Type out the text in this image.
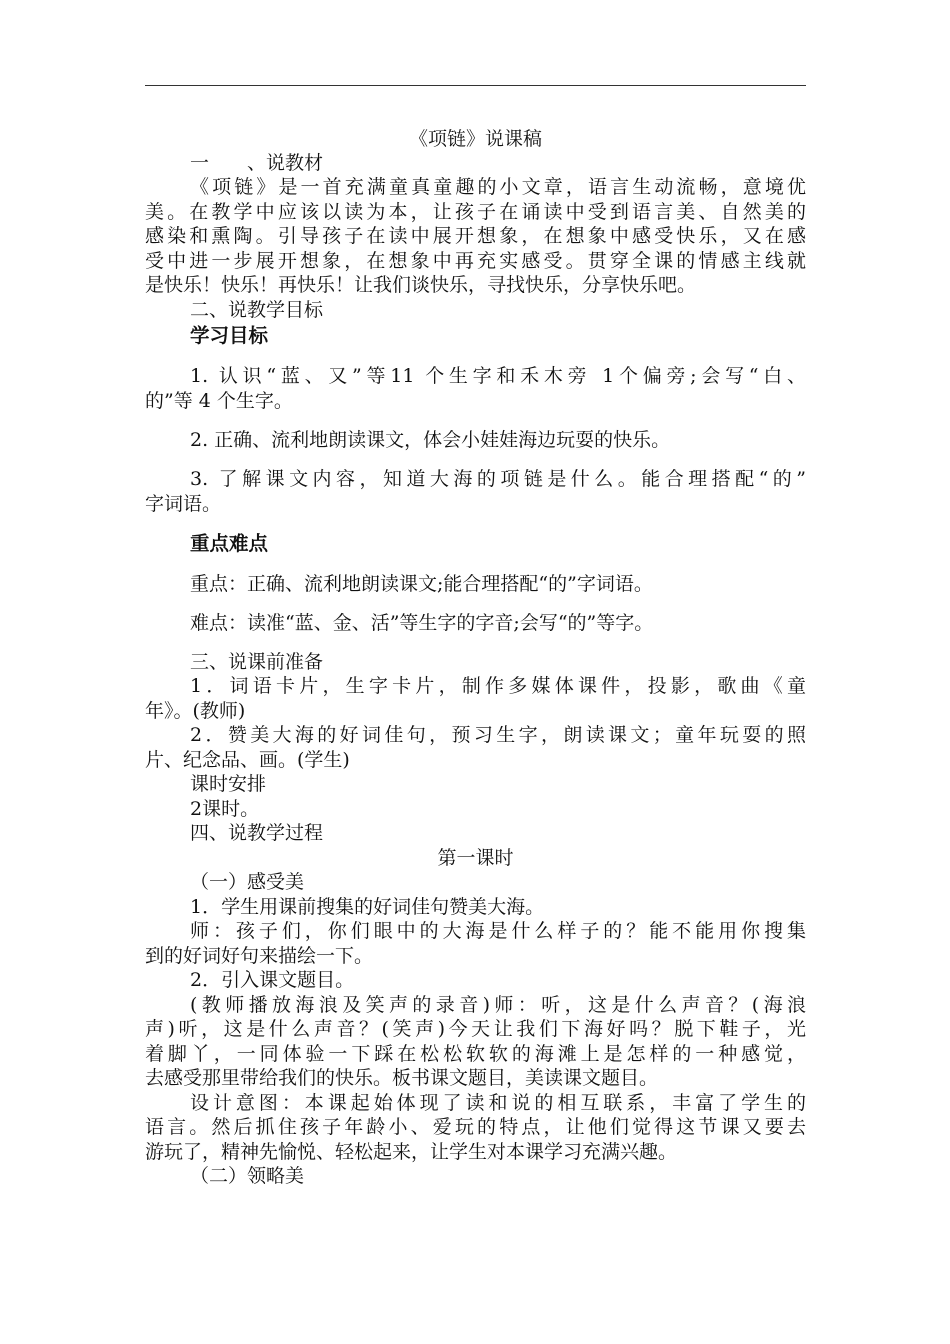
《项链》说课稿
一　　、说教材
《项链》是一首充满童真童趣的小文章，语言生动流畅，意境优
美。在教学中应该以读为本，让孩子在诵读中受到语言美、自然美的
感染和熏陶。引导孩子在读中展开想象，在想象中感受快乐，又在感
受中进一步展开想象，在想象中再充实感受。贯穿全课的情感主线就
是快乐！快乐！再快乐！让我们谈快乐，寻找快乐，分享快乐吧。
二、说教学目标
学习目标
1. 认识“蓝、又”等11 个生字和禾木旁 1个偏旁;会写“白、
的”等 4 个生字。
2. 正确、流利地朗读课文，体会小娃娃海边玩耍的快乐。
3. 了解课文内容，知道大海的项链是什么。能合理搭配“的”
字词语。
重点难点
重点：正确、流利地朗读课文;能合理搭配“的”字词语。
难点：读准“蓝、金、活”等生字的字音;会写“的”等字。
三、说课前准备
1．词语卡片，生字卡片，制作多媒体课件，投影，歌曲《童
年》。(教师)
2．赞美大海的好词佳句，预习生字，朗读课文；童年玩耍的照
片、纪念品、画。(学生)
课时安排
2课时。
四、说教学过程
第一课时
（一）感受美
1．学生用课前搜集的好词佳句赞美大海。
师：孩子们，你们眼中的大海是什么样子的？能不能用你搜集
到的好词好句来描绘一下。
2．引入课文题目。
(教师播放海浪及笑声的录音)师：听，这是什么声音？(海浪
声)听，这是什么声音？(笑声)今天让我们下海好吗？脱下鞋子，光
着脚丫，一同体验一下踩在松松软软的海滩上是怎样的一种感觉，
去感受那里带给我们的快乐。板书课文题目，美读课文题目。
设计意图：本课起始体现了读和说的相互联系，丰富了学生的
语言。然后抓住孩子年龄小、爱玩的特点，让他们觉得这节课又要去
游玩了，精神先愉悦、轻松起来，让学生对本课学习充满兴趣。
（二）领略美
